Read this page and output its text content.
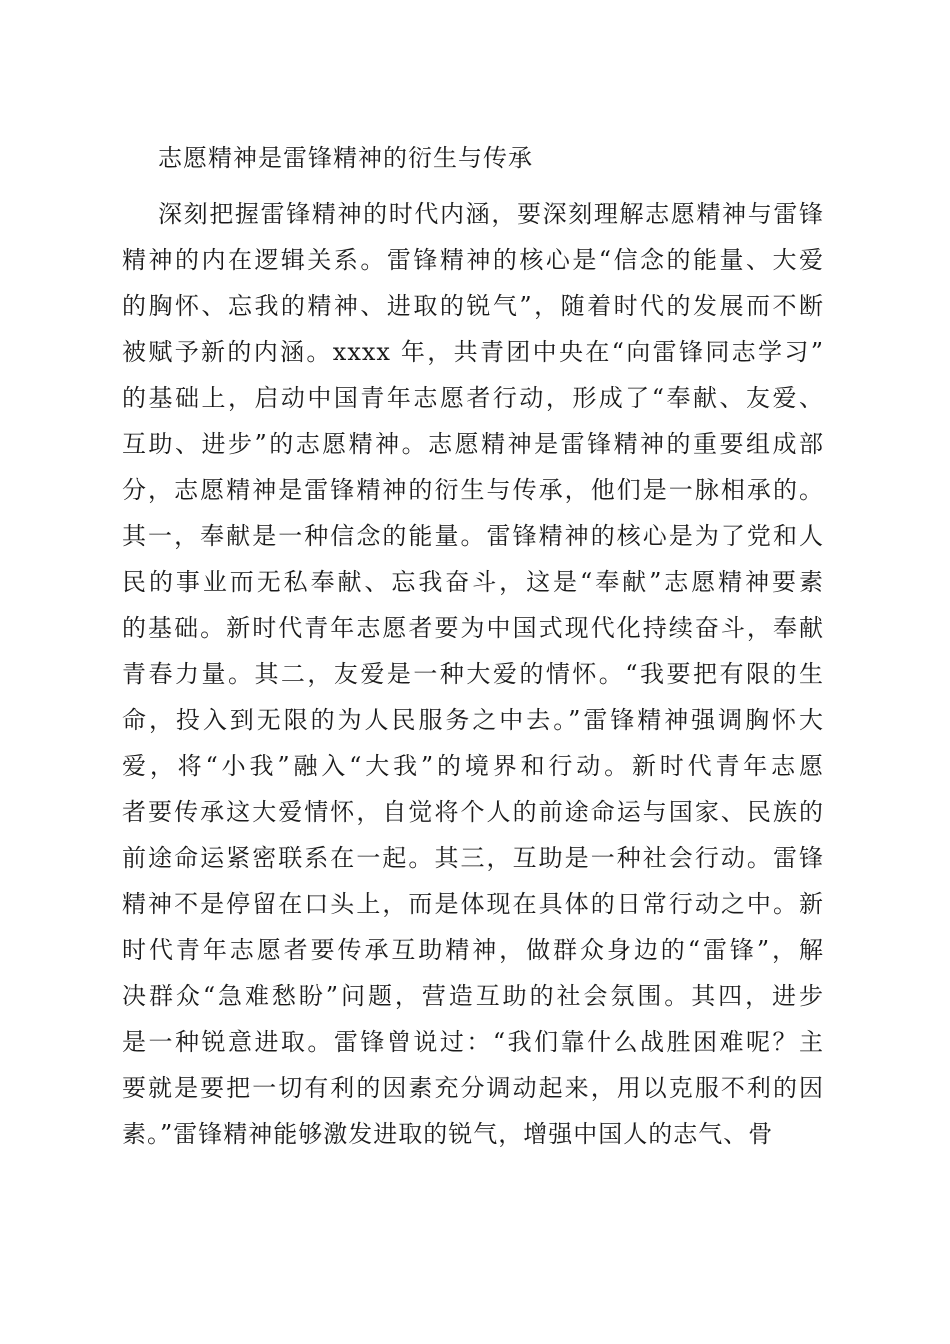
志愿精神是雷锋精神的衍生与传承
深刻把握雷锋精神的时代内涵，要深刻理解志愿精神与雷锋
精神的内在逻辑关系。雷锋精神的核心是“信念的能量、大爱
的胸怀、忘我的精神、进取的锐气”，随着时代的发展而不断
被赋予新的内涵。xxxx 年，共青团中央在“向雷锋同志学习”
的基础上，启动中国青年志愿者行动，形成了“奉献、友爱、
互助、进步”的志愿精神。志愿精神是雷锋精神的重要组成部
分，志愿精神是雷锋精神的衍生与传承，他们是一脉相承的。
其一，奉献是一种信念的能量。雷锋精神的核心是为了党和人
民的事业而无私奉献、忘我奋斗，这是“奉献”志愿精神要素
的基础。新时代青年志愿者要为中国式现代化持续奋斗，奉献
青春力量。其二，友爱是一种大爱的情怀。“我要把有限的生
命，投入到无限的为人民服务之中去。”雷锋精神强调胸怀大
爱，将“小我”融入“大我”的境界和行动。新时代青年志愿
者要传承这大爱情怀，自觉将个人的前途命运与国家、民族的
前途命运紧密联系在一起。其三，互助是一种社会行动。雷锋
精神不是停留在口头上，而是体现在具体的日常行动之中。新
时代青年志愿者要传承互助精神，做群众身边的“雷锋”，解
决群众“急难愁盼”问题，营造互助的社会氛围。其四，进步
是一种锐意进取。雷锋曾说过：“我们靠什么战胜困难呢？主
要就是要把一切有利的因素充分调动起来，用以克服不利的因
素。”雷锋精神能够激发进取的锐气，增强中国人的志气、骨
